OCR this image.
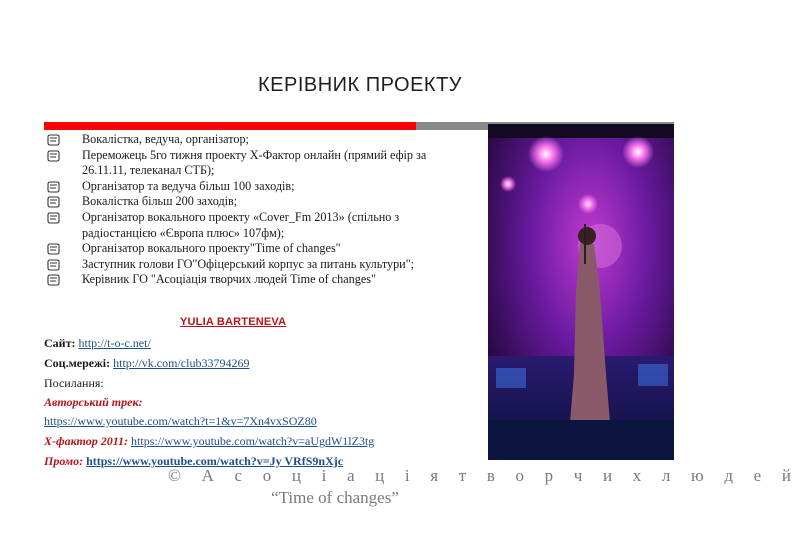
КЕРІВНИК ПРОЕКТУ
Вокалістка, ведуча, організатор;
Переможець 5го тижня проекту Х-Фактор онлайн (прямий ефір за 26.11.11, телеканал СТБ);
Організатор та ведуча більш 100 заходів;
Вокалістка більш 200 заходів;
Організатор вокального проекту «Cover_Fm 2013» (спільно з радіостанцією «Європа плюс» 107фм);
Організатор вокального проекту"Time of changes"
Заступник голови ГО"Офіцерський корпус за питань культури";
Керівник ГО "Асоціація творчих людей Time of changes"
YULIA BARTENEVA
Сайт: http://t-o-c.net/
Соц.мережі: http://vk.com/club33794269
Посилання:
Авторський трек:
https://www.youtube.com/watch?t=1&v=7Xn4vxSOZ80
Х-фактор 2011: https://www.youtube.com/watch?v=aUgdW1lZ3tg
Промо: https://www.youtube.com/watch?v=Jy VRfS9nXjc
© А с о ц і а ц і я т в о р ч и х л ю д е й
“Time of changes”
